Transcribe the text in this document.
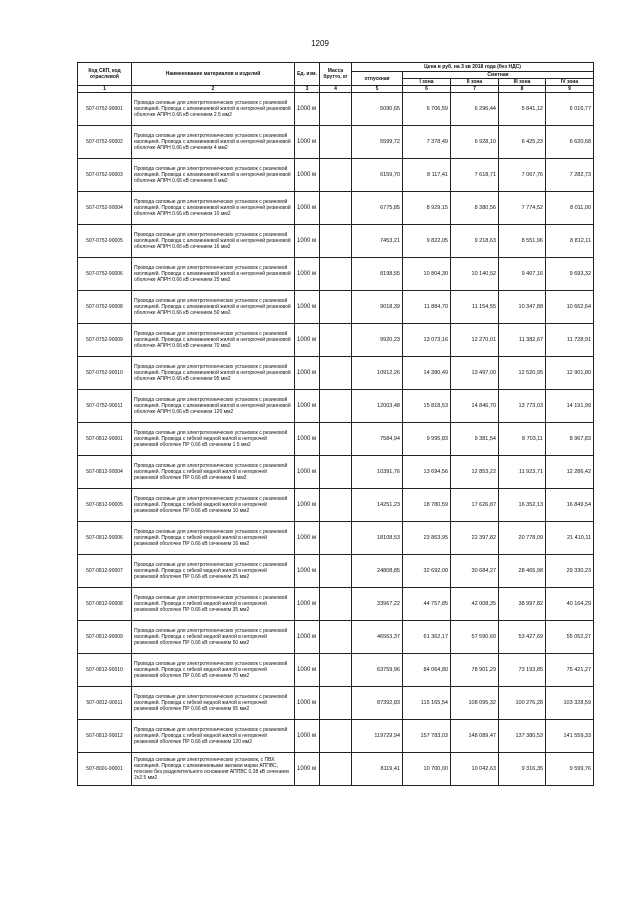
1209
Код СКП, код отраслевой	Наименование материалов и изделий	Ед. изм.	Масса брутто, кг	Цена в руб. на 3 кв 2018 года (без НДС)				
				отпускная	Сметная			
					I зона	II зона	III зона	IV зона
1	2	3	4	5	6	7	8	9
507-0752-90001	Провода силовые для электротехнических установок с резиновой изоляцией. Провода с алюминиевой жилой в негорючей резиновой оболочке АПРН 0.66 кВ сечением 2.5 мм2	1000 м		5090,65	6 706,59	6 296,44	5 841,12	6 016,77
507-0752-90002	Провода силовые для электротехнических установок с резиновой изоляцией. Провода с алюминиевой жилой в негорючей резиновой оболочке АПРН 0.66 кВ сечением 4 мм2	1000 м		5599,72	7 378,49	6 928,10	6 425,23	6 620,68
507-0752-90003	Провода силовые для электротехнических установок с резиновой изоляцией. Провода с алюминиевой жилой в негорючей резиновой оболочке АПРН 0.66 кВ сечением 6 мм2	1000 м		6159,70	8 117,41	7 618,71	7 067,76	7 282,73
507-0752-90004	Провода силовые для электротехнических установок с резиновой изоляцией. Провода с алюминиевой жилой в негорючей резиновой оболочке АПРН 0.66 кВ сечением 10 мм2	1000 м		6775,85	8 929,15	8 380,56	7 774,52	8 011,00
507-0752-90005	Провода силовые для электротехнических установок с резиновой изоляцией. Провода с алюминиевой жилой в негорючей резиновой оболочке АПРН 0.66 кВ сечением 16 мм2	1000 м		7453,21	9 822,05	9 218,63	8 551,96	8 812,11
507-0752-90006	Провода силовые для электротехнических установок с резиновой изоляцией. Провода с алюминиевой жилой в негорючей резиновой оболочке АПРН 0.66 кВ сечением 25 мм2	1000 м		8198,55	10 804,30	10 140,52	9 407,16	9 693,32
507-0752-90008	Провода силовые для электротехнических установок с резиновой изоляцией. Провода с алюминиевой жилой в негорючей резиновой оболочке АПРН 0.66 кВ сечением 50 мм2	1000 м		9018,39	11 884,70	11 154,55	10 347,88	10 662,64
507-0752-90009	Провода силовые для электротехнических установок с резиновой изоляцией. Провода с алюминиевой жилой в негорючей резиновой оболочке АПРН 0.66 кВ сечением 70 мм2	1000 м		9920,23	13 073,16	12 270,01	11 382,67	11 728,91
507-0752-90010	Провода силовые для электротехнических установок с резиновой изоляцией. Провода с алюминиевой жилой в негорючей резиновой оболочке АПРН 0.66 кВ сечением 95 мм2	1000 м		10912,26	14 380,49	13 497,00	12 520,95	12 901,80
507-0752-90011	Провода силовые для электротехнических установок с резиновой изоляцией. Провода с алюминиевой жилой в негорючей резиновой оболочке АПРН 0.66 кВ сечением 120 мм2	1000 м		12003,48	15 818,53	14 846,70	13 773,03	14 191,99
507-0812-90001	Провода силовые для электротехнических установок с резиновой изоляцией. Провода с гибкой медной жилой в негорючей резиновой оболочке ПР 0.66 кВ сечением 1.5 мм2	1000 м		7584,94	9 995,83	9 381,54	8 703,11	8 967,83
507-0812-90004	Провода силовые для электротехнических установок с резиновой изоляцией. Провода с гибкой медной жилой в негорючей резиновой оболочке ПР 0.66 кВ сечением 6 мм2	1000 м		10391,76	13 694,56	12 853,22	11 923,71	12 286,42
507-0812-90005	Провода силовые для электротехнических установок с резиновой изоляцией. Провода с гибкой медной жилой в негорючей резиновой оболочке ПР 0.66 кВ сечением 10 мм2	1000 м		14251,23	18 780,59	17 626,87	16 352,13	16 849,54
507-0812-90006	Провода силовые для электротехнических установок с резиновой изоляцией. Провода с гибкой медной жилой в негорючей резиновой оболочке ПР 0.66 кВ сечением 16 мм2	1000 м		18108,53	23 863,95	22 397,82	20 778,09	21 410,11
507-0812-90007	Провода силовые для электротехнических установок с резиновой изоляцией. Провода с гибкой медной жилой в негорючей резиновой оболочке ПР 0.66 кВ сечением 25 мм2	1000 м		24808,85	32 692,00	30 684,27	28 465,98	29 330,23
507-0812-90008	Провода силовые для электротехнических установок с резиновой изоляцией. Провода с гибкой медной жилой в негорючей резиновой оболочке ПР 0.66 кВ сечением 35 мм2	1000 м		33967,22	44 757,85	42 008,35	38 997,82	40 164,29
507-0812-90009	Провода силовые для электротехнических установок с резиновой изоляцией. Провода с гибкой медной жилой в негорючей резиновой оболочке ПР 0.66 кВ сечением 50 мм2	1000 м		46563,37	61 362,17	57 590,60	53 427,69	55 052,27
507-0812-90010	Провода силовые для электротехнических установок с резиновой изоляцией. Провода с гибкой медной жилой в негорючей резиновой оболочке ПР 0.66 кВ сечением 70 мм2	1000 м		63759,96	84 064,80	78 901,29	73 193,85	75 421,27
507-0812-90011	Провода силовые для электротехнических установок с резиновой изоляцией. Провода с гибкой медной жилой в негорючей резиновой оболочке ПР 0.66 кВ сечением 95 мм2	1000 м		87392,83	115 165,54	108 095,32	100 276,28	103 328,59
507-0812-90012	Провода силовые для электротехнических установок с резиновой изоляцией. Провода с гибкой медной жилой в негорючей резиновой оболочке ПР 0.66 кВ сечением 120 мм2	1000 м		119729,94	157 783,03	148 089,47	137 380,53	141 559,33
507-8001-90001	Провода силовые для электротехнических установок, с ПВХ изоляцией. Провода с алюминиевыми жилами марки АППВС, плоские без разделительного основания АППВС 0.38 кВ сечением 2х2.5 мм2	1000 м		8119,41	10 700,00	10 042,63	9 316,35	9 599,76
